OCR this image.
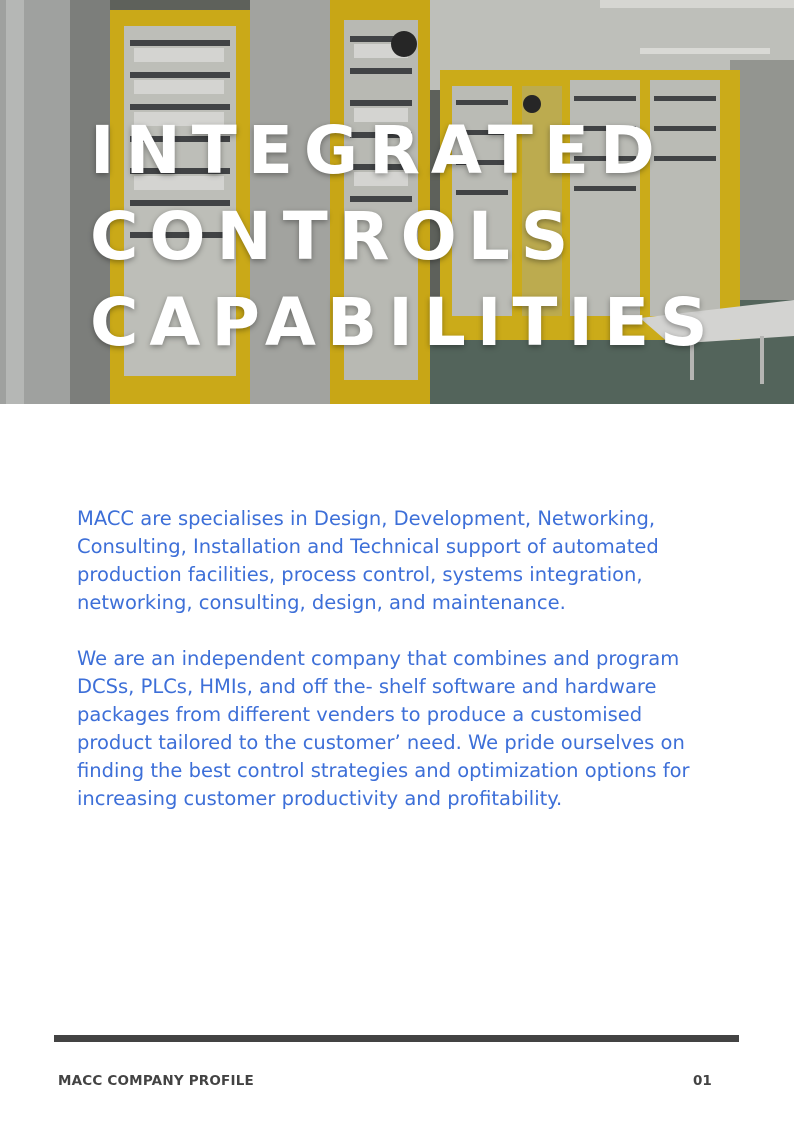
INTEGRATED
CONTROLS
CAPABILITIES

MACC are specialises in Design, Development, Networking, Consulting, Installation and Technical support of automated production facilities, process control, systems integration, networking, consulting, design, and maintenance.

We are an independent company that combines and program DCSs, PLCs, HMIs, and off the- shelf software and hardware packages from different venders to produce a customised product tailored to the customer’ need. We pride ourselves on finding the best control strategies and optimization options for increasing customer productivity and profitability.

MACC COMPANY PROFILE	01
